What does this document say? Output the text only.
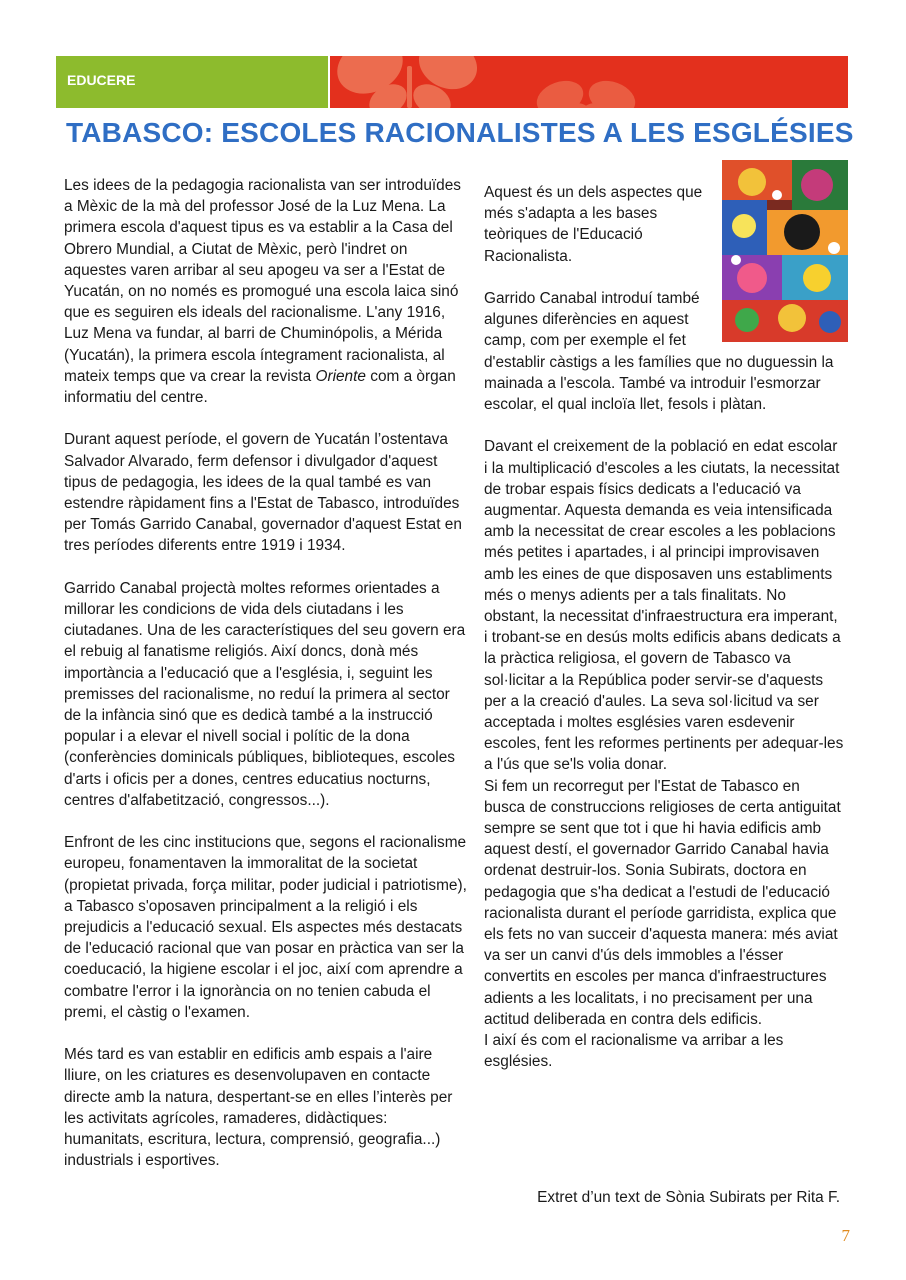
EDUCERE
TABASCO: ESCOLES RACIONALISTES A LES ESGLÉSIES

Les idees de la pedagogia racionalista van ser introduïdes a Mèxic de la mà del professor José de la Luz Mena. La primera escola d'aquest tipus es va establir a la Casa del Obrero Mundial, a Ciutat de Mèxic, però l'indret on aquestes varen arribar al seu apogeu va ser a l'Estat de Yucatán, on no només es promogué una escola laica sinó que es seguiren els ideals del racionalisme. L'any 1916, Luz Mena va fundar, al barri de Chuminópolis, a Mérida (Yucatán), la primera escola íntegrament racionalista, al mateix temps que va crear la revista Oriente com a òrgan informatiu del centre.

Durant aquest període, el govern de Yucatán l’ostentava Salvador Alvarado, ferm defensor i divulgador d'aquest tipus de pedagogia, les idees de la qual també es van estendre ràpidament fins a l'Estat de Tabasco, introduïdes per Tomás Garrido Canabal, governador d'aquest Estat en tres períodes diferents entre 1919 i 1934.

Garrido Canabal projectà moltes reformes orientades a millorar les condicions de vida dels ciutadans i les ciutadanes. Una de les característiques del seu govern era el rebuig al fanatisme religiós. Així doncs, donà més importància a l'educació que a l'església, i, seguint les premisses del racionalisme, no reduí la primera al sector de la infància sinó que es dedicà també a la instrucció popular i a elevar el nivell social i polític de la dona (conferències dominicals públiques, biblioteques, escoles d'arts i oficis per a dones, centres educatius nocturns, centres d'alfabetització, congressos...).

Enfront de les cinc institucions que, segons el racionalisme europeu, fonamentaven la immoralitat de la societat (propietat privada, força militar, poder judicial i patriotisme), a Tabasco s'oposaven principalment a la religió i els prejudicis a l'educació sexual. Els aspectes més destacats de l'educació racional que van posar en pràctica van ser la coeducació, la higiene escolar i el joc, així com aprendre a combatre l'error i la ignorància on no tenien cabuda el premi, el càstig o l'examen.

Més tard es van establir en edificis amb espais a l'aire lliure, on les criatures es desenvolupaven en contacte directe amb la natura, despertant-se en elles l’interès per les activitats agrícoles, ramaderes, didàctiques: humanitats, escritura, lectura, comprensió, geografia...) industrials i esportives.

Aquest és un dels aspectes que més s'adapta a les bases teòriques de l'Educació Racionalista.

Garrido Canabal introduí també algunes diferències en aquest camp, com per exemple el fet d'establir càstigs a les famílies que no duguessin la mainada a l'escola. També va introduir l'esmorzar escolar, el qual incloïa llet, fesols i plàtan.

Davant el creixement de la població en edat escolar i la multiplicació d'escoles a les ciutats, la necessitat de trobar espais físics dedicats a l'educació va augmentar. Aquesta demanda es veia intensificada amb la necessitat de crear escoles a les poblacions més petites i apartades, i al principi improvisaven amb les eines de que disposaven uns establiments més o menys adients per a tals finalitats. No obstant, la necessitat d'infraestructura era imperant, i trobant-se en desús molts edificis abans dedicats a la pràctica religiosa, el govern de Tabasco va sol·licitar a la República poder servir-se d'aquests per a la creació d'aules. La seva sol·licitud va ser acceptada i moltes esglésies varen esdevenir escoles, fent les reformes pertinents per adequar-les a l'ús que se'ls volia donar.

Si fem un recorregut per l'Estat de Tabasco en busca de construccions religioses de certa antiguitat sempre se sent que tot i que hi havia edificis amb aquest destí, el governador Garrido Canabal havia ordenat destruir-los. Sonia Subirats, doctora en pedagogia que s'ha dedicat a l'estudi de l'educació racionalista durant el període garridista, explica que els fets no van succeir d'aquesta manera: més aviat va ser un canvi d'ús dels immobles a l'ésser convertits en escoles per manca d'infraestructures adients a les localitats, i no precisament per una actitud deliberada en contra dels edificis.

I així és com el racionalisme va arribar a les esglésies.

Extret d’un text de Sònia Subirats per Rita F.
7
